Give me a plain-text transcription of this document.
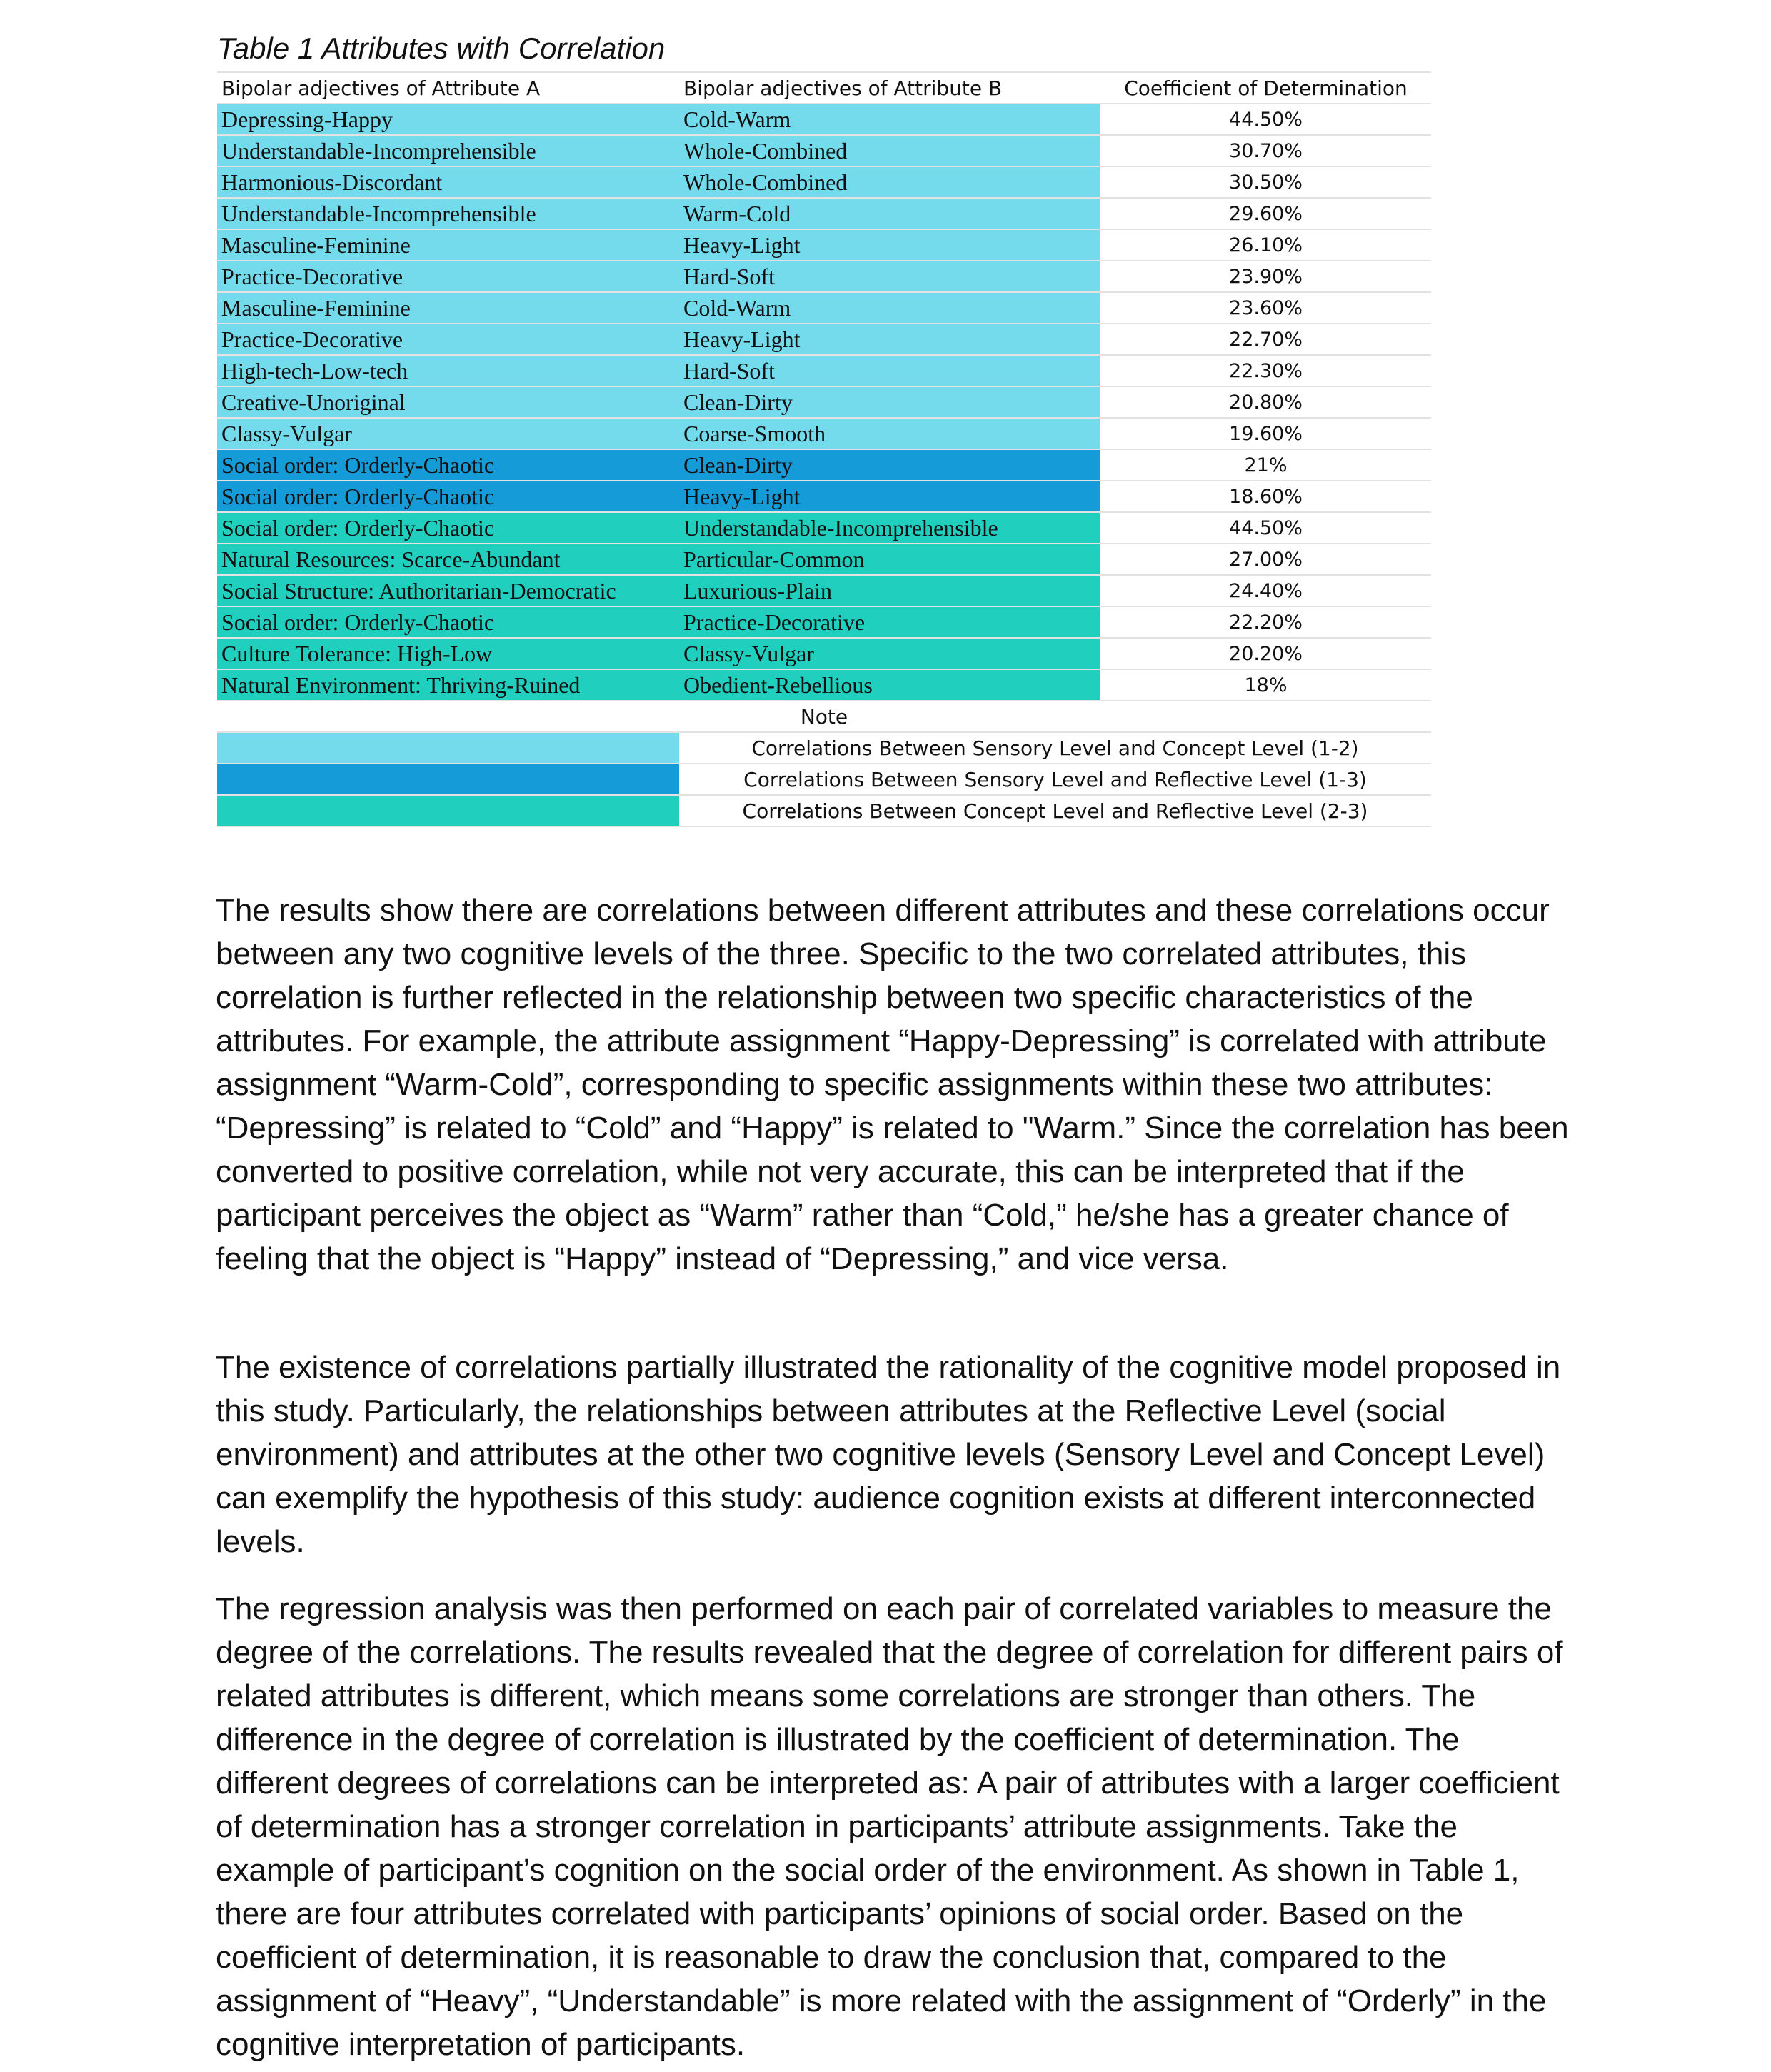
Table 1 Attributes with Correlation
Bipolar adjectives of Attribute A	Bipolar adjectives of Attribute B	Coefficient of Determination
Depressing-Happy	Cold-Warm	44.50%
Understandable-Incomprehensible	Whole-Combined	30.70%
Harmonious-Discordant	Whole-Combined	30.50%
Understandable-Incomprehensible	Warm-Cold	29.60%
Masculine-Feminine	Heavy-Light	26.10%
Practice-Decorative	Hard-Soft	23.90%
Masculine-Feminine	Cold-Warm	23.60%
Practice-Decorative	Heavy-Light	22.70%
High-tech-Low-tech	Hard-Soft	22.30%
Creative-Unoriginal	Clean-Dirty	20.80%
Classy-Vulgar	Coarse-Smooth	19.60%
Social order: Orderly-Chaotic	Clean-Dirty	21%
Social order: Orderly-Chaotic	Heavy-Light	18.60%
Social order: Orderly-Chaotic	Understandable-Incomprehensible	44.50%
Natural Resources: Scarce-Abundant	Particular-Common	27.00%
Social Structure: Authoritarian-Democratic	Luxurious-Plain	24.40%
Social order: Orderly-Chaotic	Practice-Decorative	22.20%
Culture Tolerance: High-Low	Classy-Vulgar	20.20%
Natural Environment: Thriving-Ruined	Obedient-Rebellious	18%
Note		
	Correlations Between Sensory Level and Concept Level (1-2)	
	Correlations Between Sensory Level and Reflective Level (1-3)	
	Correlations Between Concept Level and Reflective Level (2-3)	

The results show there are correlations between different attributes and these correlations occur between any two cognitive levels of the three. Specific to the two correlated attributes, this correlation is further reflected in the relationship between two specific characteristics of the attributes. For example, the attribute assignment “Happy-Depressing” is correlated with attribute assignment “Warm-Cold”, corresponding to specific assignments within these two attributes: “Depressing” is related to “Cold” and “Happy” is related to "Warm.” Since the correlation has been converted to positive correlation, while not very accurate, this can be interpreted that if the participant perceives the object as “Warm” rather than “Cold,” he/she has a greater chance of feeling that the object is “Happy” instead of “Depressing,” and vice versa.

The existence of correlations partially illustrated the rationality of the cognitive model proposed in this study. Particularly, the relationships between attributes at the Reflective Level (social environment) and attributes at the other two cognitive levels (Sensory Level and Concept Level) can exemplify the hypothesis of this study: audience cognition exists at different interconnected levels.

The regression analysis was then performed on each pair of correlated variables to measure the degree of the correlations. The results revealed that the degree of correlation for different pairs of related attributes is different, which means some correlations are stronger than others. The difference in the degree of correlation is illustrated by the coefficient of determination. The different degrees of correlations can be interpreted as: A pair of attributes with a larger coefficient of determination has a stronger correlation in participants’ attribute assignments. Take the example of participant’s cognition on the social order of the environment. As shown in Table 1, there are four attributes correlated with participants’ opinions of social order. Based on the coefficient of determination, it is reasonable to draw the conclusion that, compared to the assignment of “Heavy”, “Understandable” is more related with the assignment of “Orderly” in the cognitive interpretation of participants.
